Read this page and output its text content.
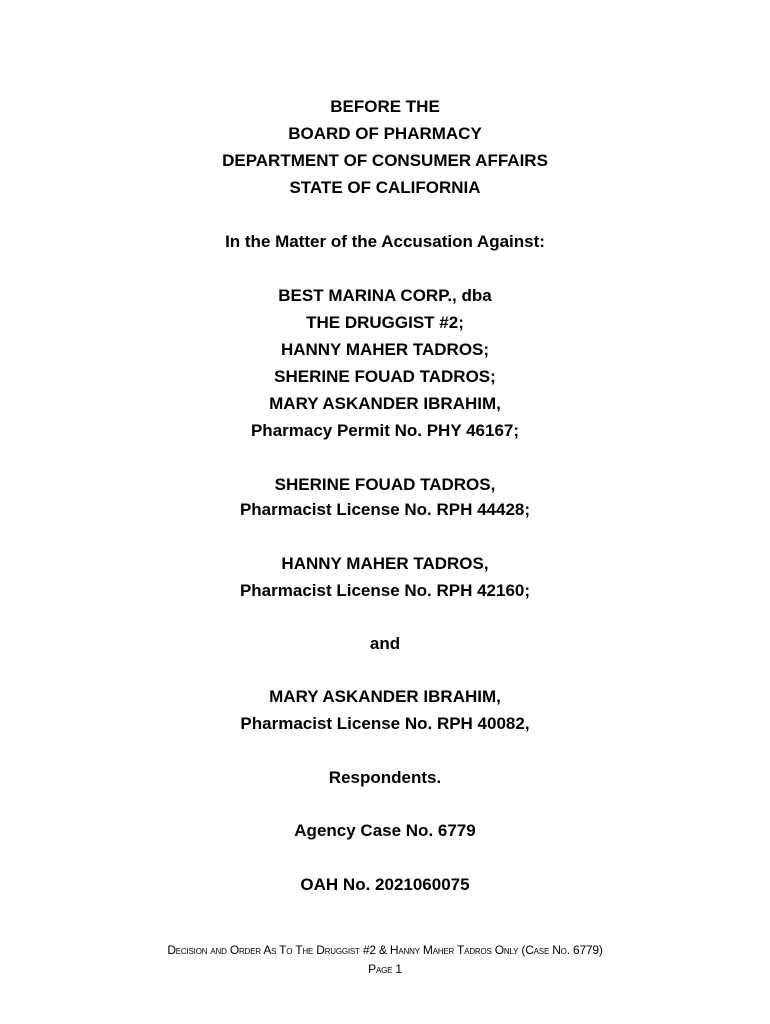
BEFORE THE
BOARD OF PHARMACY
DEPARTMENT OF CONSUMER AFFAIRS
STATE OF CALIFORNIA
In the Matter of the Accusation Against:
BEST MARINA CORP., dba
THE DRUGGIST #2;
HANNY MAHER TADROS;
SHERINE FOUAD TADROS;
MARY ASKANDER IBRAHIM,
Pharmacy Permit No. PHY 46167;
SHERINE FOUAD TADROS,
Pharmacist License No. RPH 44428;
HANNY MAHER TADROS,
Pharmacist License No. RPH 42160;
and
MARY ASKANDER IBRAHIM,
Pharmacist License No. RPH 40082,
Respondents.
Agency Case No. 6779
OAH No. 2021060075
Decision and Order As To The Druggist #2 & Hanny Maher Tadros Only (Case No. 6779)
Page 1
